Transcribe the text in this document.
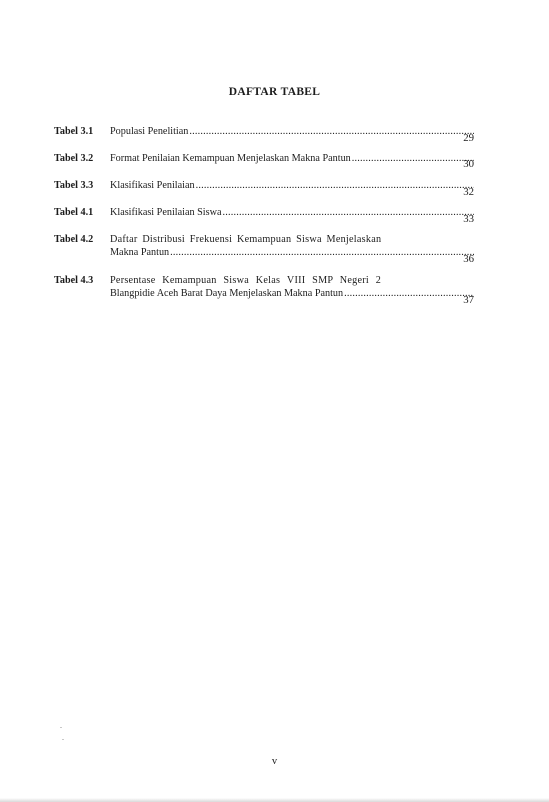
DAFTAR TABEL
Tabel 3.1	Populasi Penelitian
.....
29
Tabel 3.2	Format Penilaian Kemampuan Menjelaskan Makna Pantun
.....	30
Tabel 3.3	Klasifikasi Penilaian
.....
32
Tabel 4.1	Klasifikasi Penilaian Siswa
.....
33
Tabel 4.2	Daftar Distribusi Frekuensi Kemampuan Siswa Menjelaskan
Makna Pantun
.....
36
Tabel 4.3	Persentase Kemampuan Siswa Kelas VIII SMP Negeri 2
Blangpidie Aceh Barat Daya Menjelaskan Makna Pantun
.....
37
v
